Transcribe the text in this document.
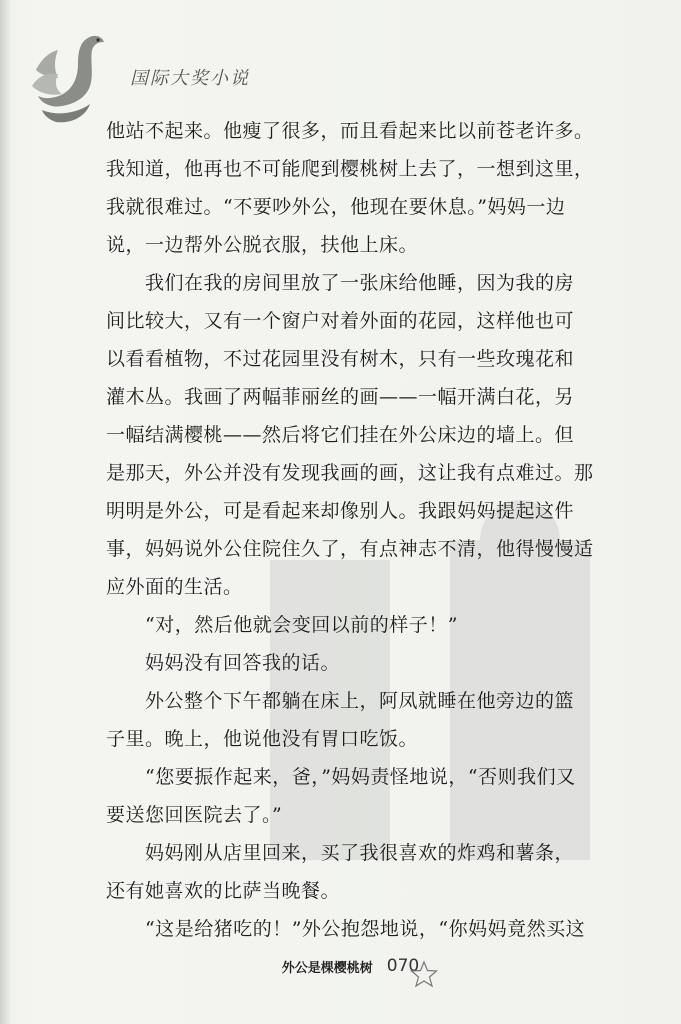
国际大奖小说

他站不起来。他瘦了很多，而且看起来比以前苍老许多。

我知道，他再也不可能爬到樱桃树上去了，一想到这里，

我就很难过。“不要吵外公，他现在要休息。”妈妈一边

说，一边帮外公脱衣服，扶他上床。

　　我们在我的房间里放了一张床给他睡，因为我的房

间比较大，又有一个窗户对着外面的花园，这样他也可

以看看植物，不过花园里没有树木，只有一些玫瑰花和

灌木丛。我画了两幅菲丽丝的画——一幅开满白花，另

一幅结满樱桃——然后将它们挂在外公床边的墙上。但

是那天，外公并没有发现我画的画，这让我有点难过。那

明明是外公，可是看起来却像别人。我跟妈妈提起这件

事，妈妈说外公住院住久了，有点神志不清，他得慢慢适

应外面的生活。

　　“对，然后他就会变回以前的样子！”

　　妈妈没有回答我的话。

　　外公整个下午都躺在床上，阿凤就睡在他旁边的篮

子里。晚上，他说他没有胃口吃饭。

　　“您要振作起来，爸，”妈妈责怪地说，“否则我们又

要送您回医院去了。”

　　妈妈刚从店里回来，买了我很喜欢的炸鸡和薯条，

还有她喜欢的比萨当晚餐。

　　“这是给猪吃的！”外公抱怨地说，“你妈妈竟然买这

外公是棵樱桃树 070
